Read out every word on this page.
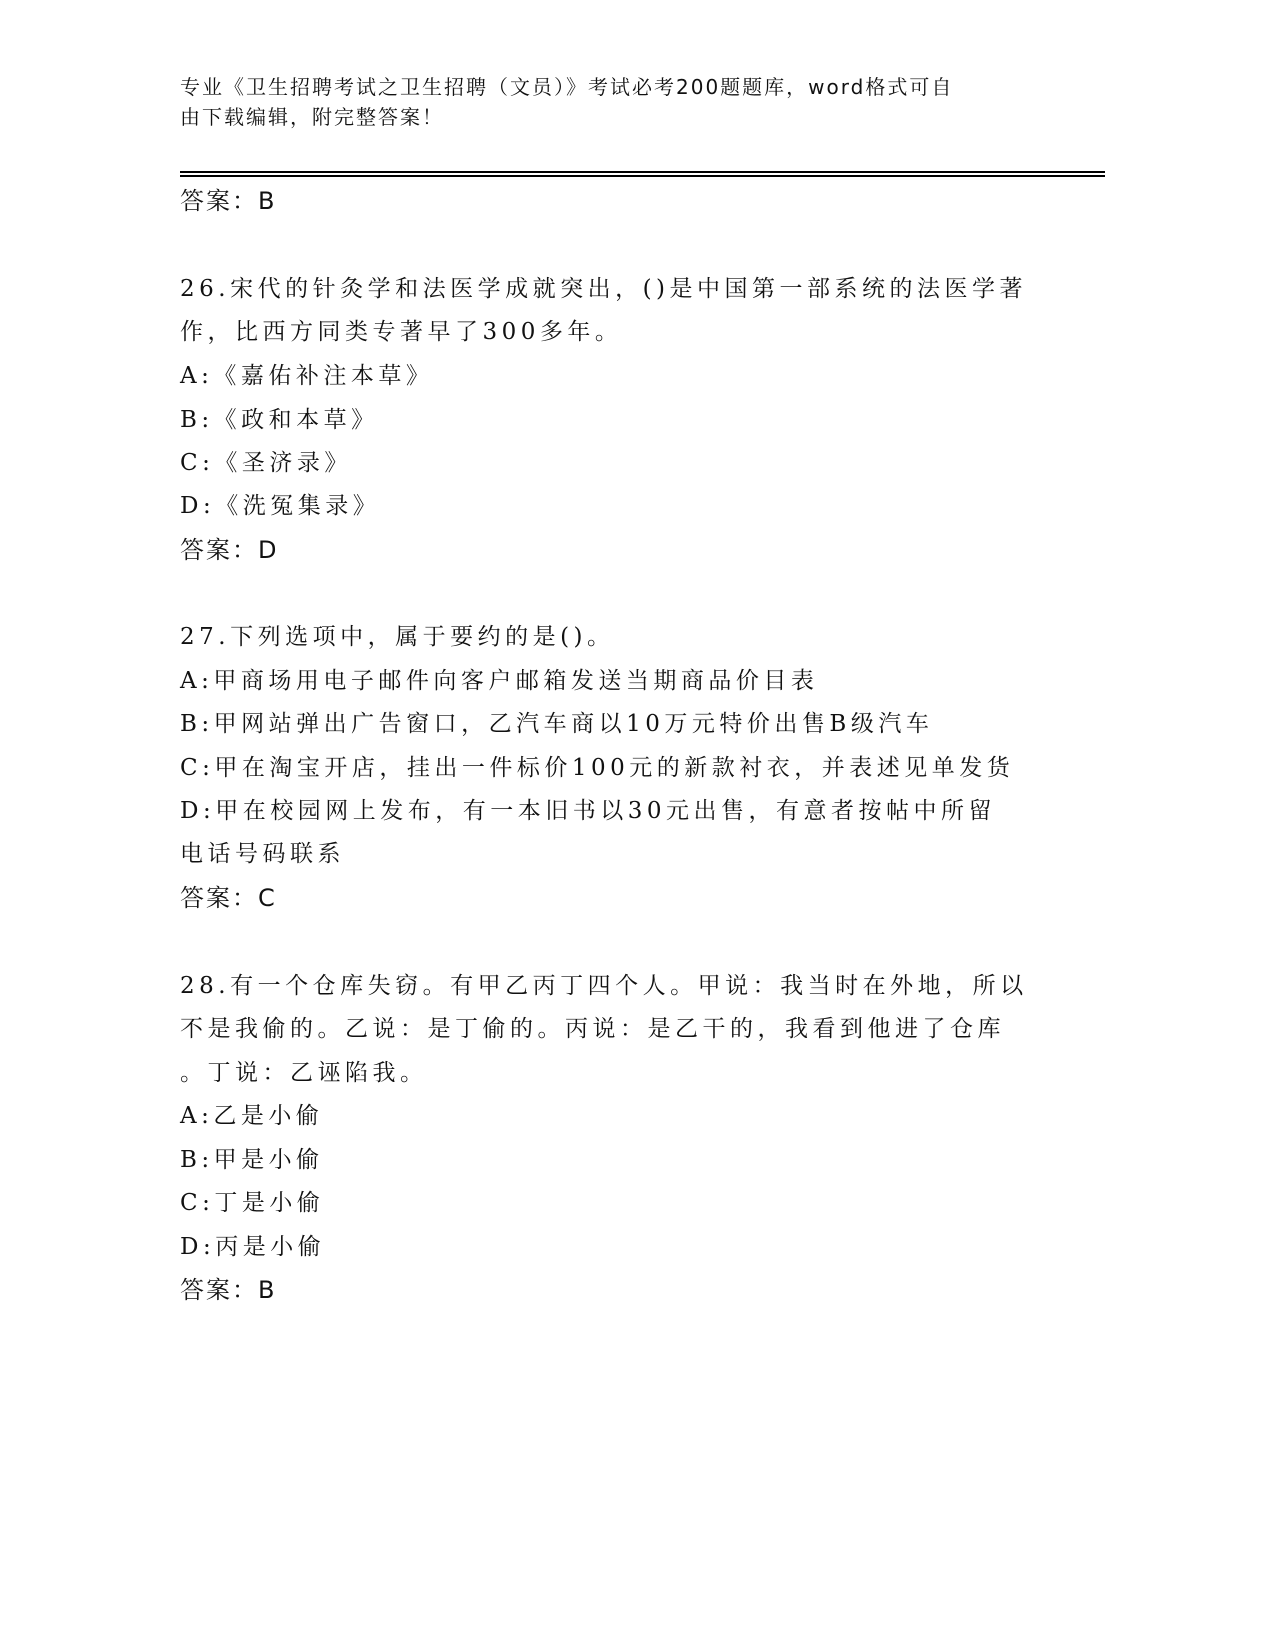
专业《卫生招聘考试之卫生招聘（文员）》考试必考200题题库，word格式可自
由下载编辑，附完整答案！
答案：B
26.宋代的针灸学和法医学成就突出，()是中国第一部系统的法医学著
作，比西方同类专著早了300多年。
A:《嘉佑补注本草》
B:《政和本草》
C:《圣济录》
D:《洗冤集录》
答案：D
27.下列选项中，属于要约的是()。
A:甲商场用电子邮件向客户邮箱发送当期商品价目表
B:甲网站弹出广告窗口，乙汽车商以10万元特价出售B级汽车
C:甲在淘宝开店，挂出一件标价100元的新款衬衣，并表述见单发货
D:甲在校园网上发布，有一本旧书以30元出售，有意者按帖中所留
电话号码联系
答案：C
28.有一个仓库失窃。有甲乙丙丁四个人。甲说：我当时在外地，所以
不是我偷的。乙说：是丁偷的。丙说：是乙干的，我看到他进了仓库
。丁说：乙诬陷我。
A:乙是小偷
B:甲是小偷
C:丁是小偷
D:丙是小偷
答案：B
